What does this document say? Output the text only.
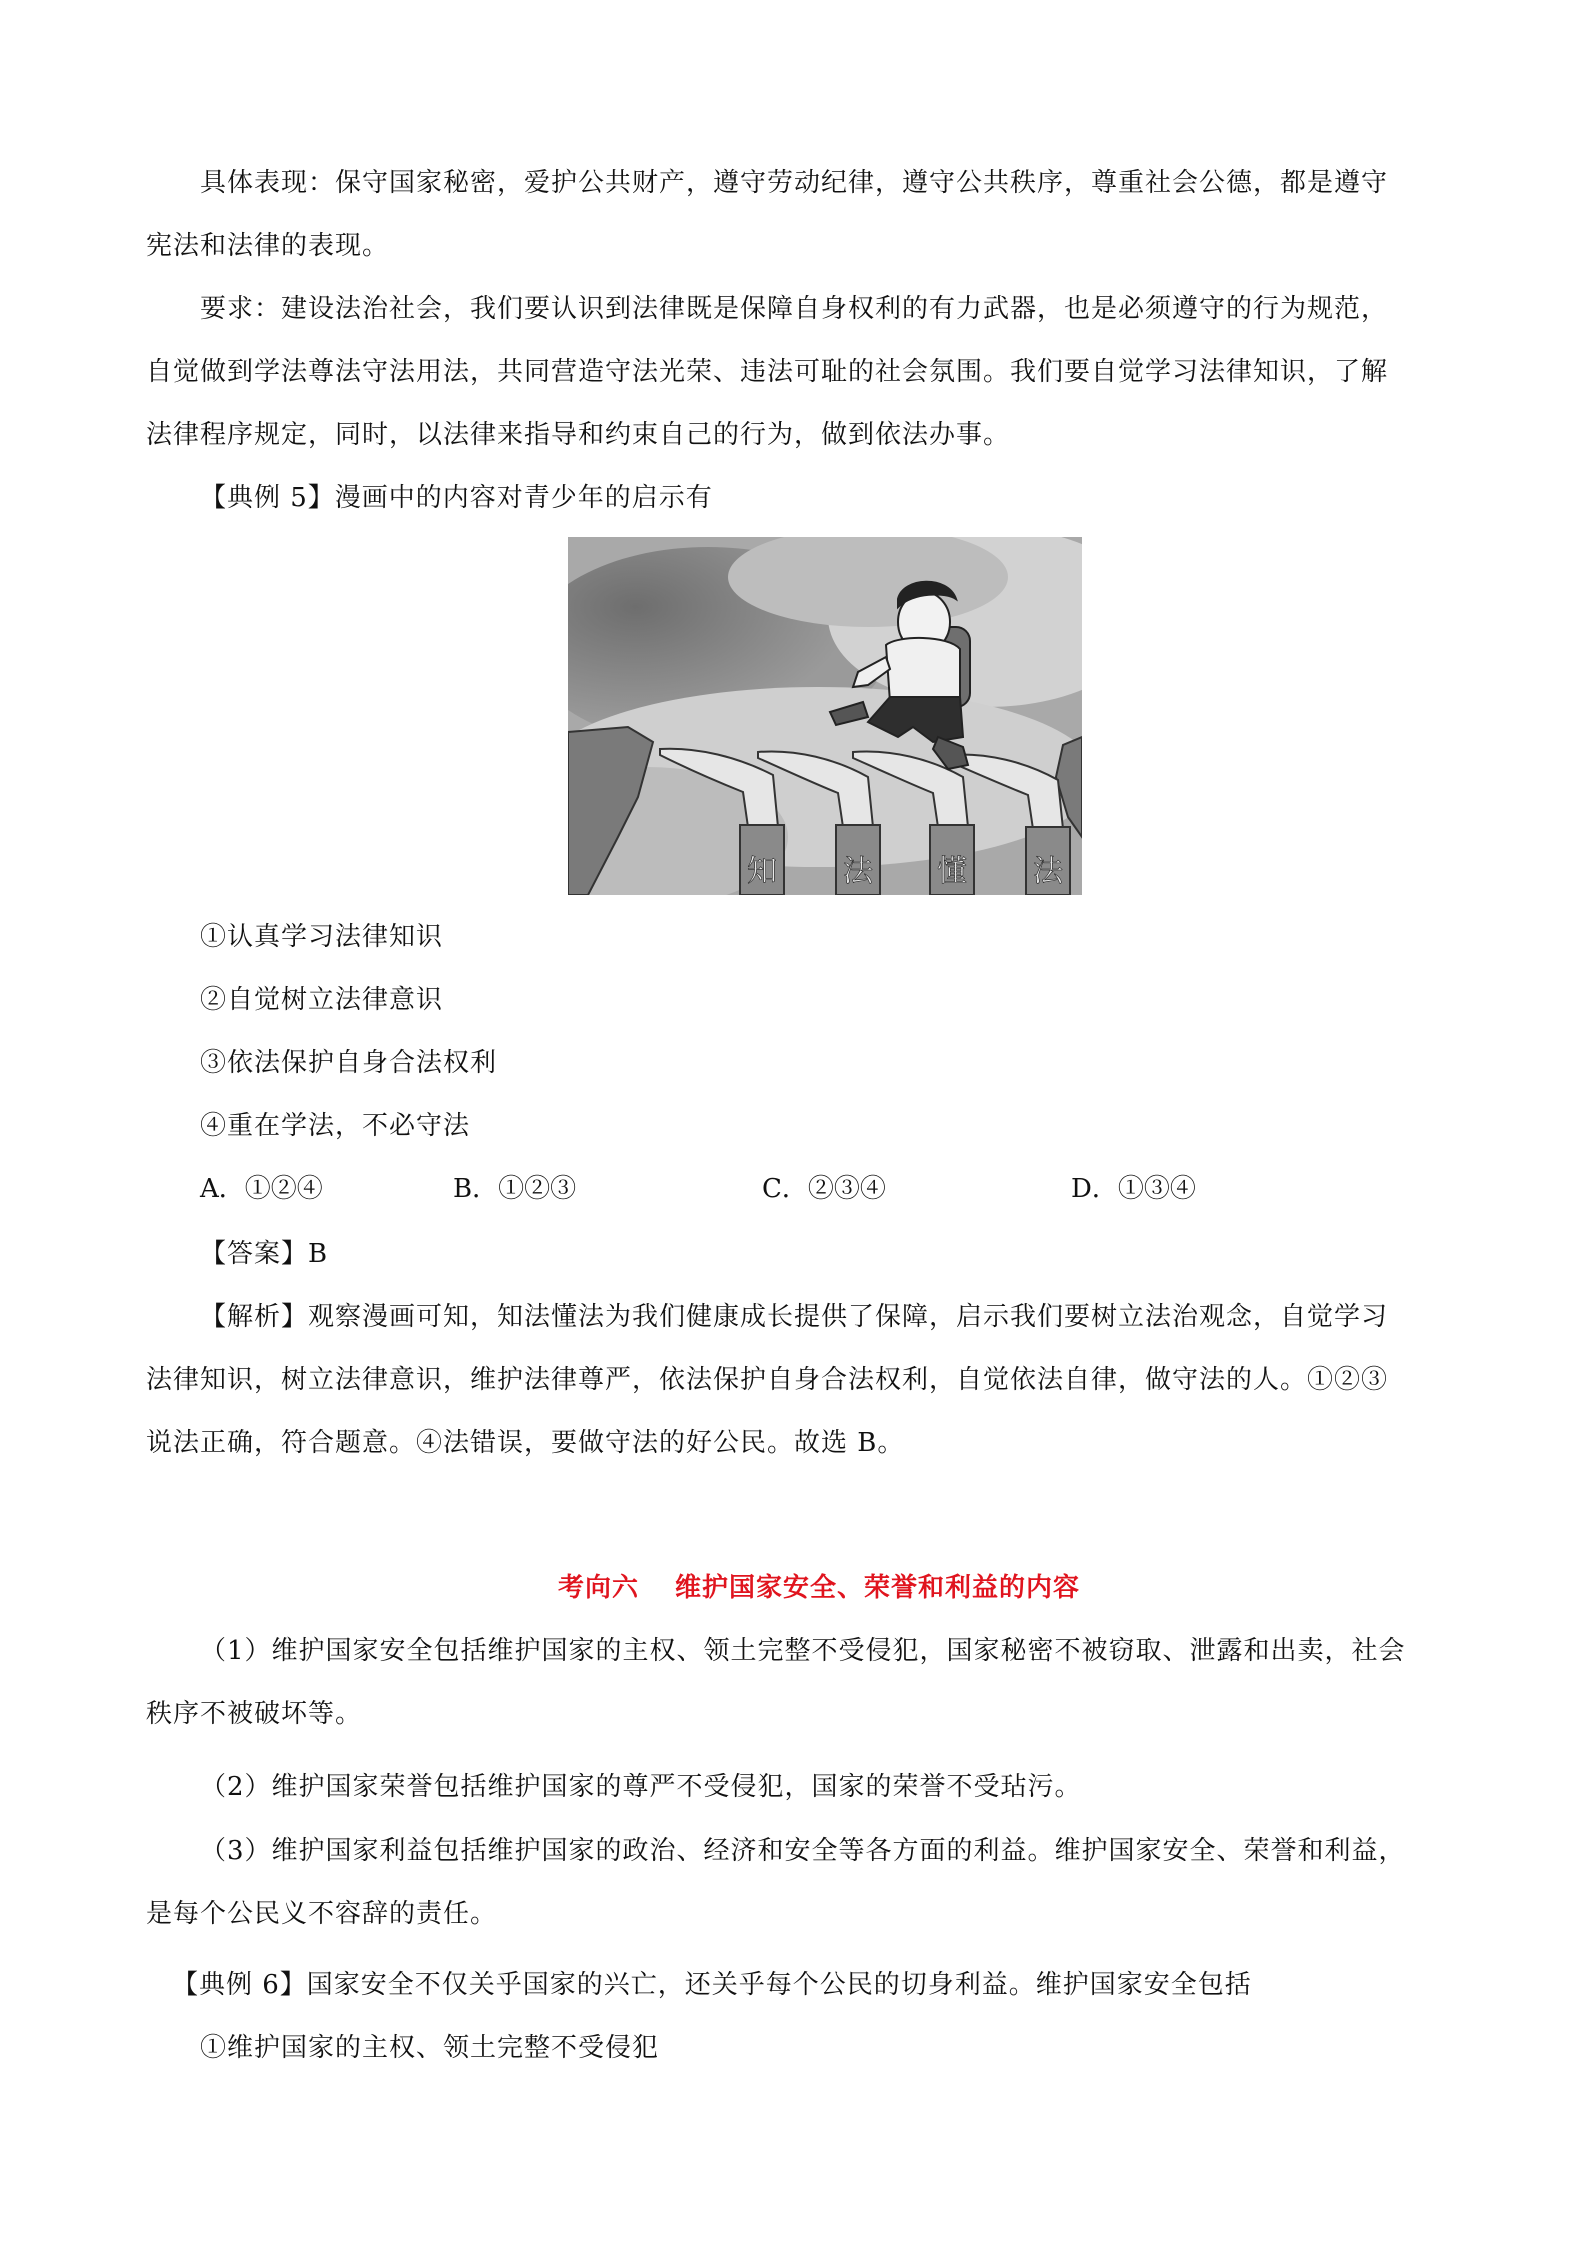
具体表现：保守国家秘密，爱护公共财产，遵守劳动纪律，遵守公共秩序，尊重社会公德，都是遵守
宪法和法律的表现。
要求：建设法治社会，我们要认识到法律既是保障自身权利的有力武器，也是必须遵守的行为规范，
自觉做到学法尊法守法用法，共同营造守法光荣、违法可耻的社会氛围。我们要自觉学习法律知识，了解
法律程序规定，同时，以法律来指导和约束自己的行为，做到依法办事。
【典例 5】漫画中的内容对青少年的启示有
知 法 懂 法
①认真学习法律知识
②自觉树立法律意识
③依法保护自身合法权利
④重在学法，不必守法
A．①②④	B．①②③	C．②③④	D．①③④
【答案】B
【解析】观察漫画可知，知法懂法为我们健康成长提供了保障，启示我们要树立法治观念，自觉学习
法律知识，树立法律意识，维护法律尊严，依法保护自身合法权利，自觉依法自律，做守法的人。①②③
说法正确，符合题意。④法错误，要做守法的好公民。故选 B。
考向六 维护国家安全、荣誉和利益的内容
（1）维护国家安全包括维护国家的主权、领土完整不受侵犯，国家秘密不被窃取、泄露和出卖，社会
秩序不被破坏等。
（2）维护国家荣誉包括维护国家的尊严不受侵犯，国家的荣誉不受玷污。
（3）维护国家利益包括维护国家的政治、经济和安全等各方面的利益。维护国家安全、荣誉和利益，
是每个公民义不容辞的责任。
【典例 6】国家安全不仅关乎国家的兴亡，还关乎每个公民的切身利益。维护国家安全包括
①维护国家的主权、领土完整不受侵犯
